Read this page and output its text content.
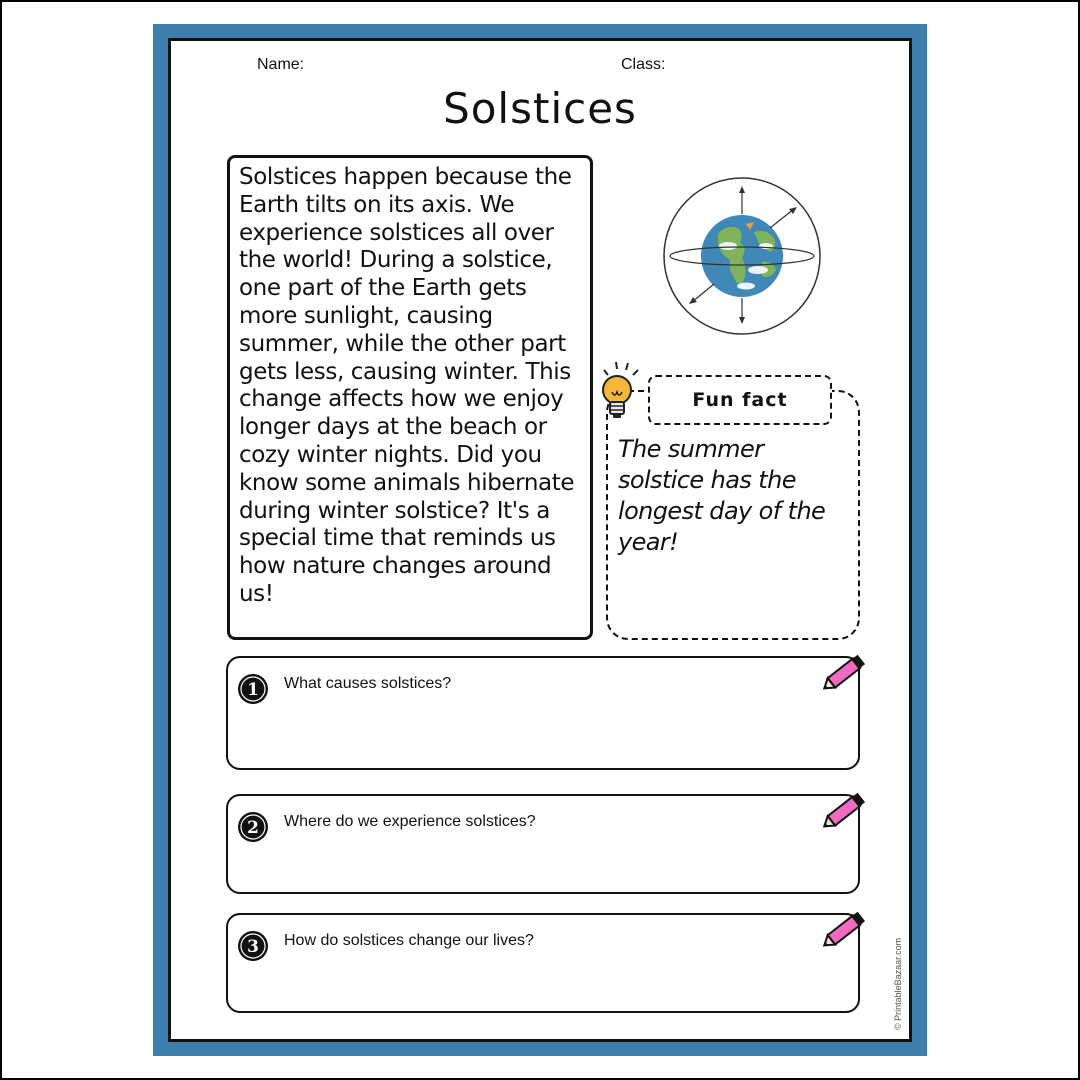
Name:	Class:
Solstices

Solstices happen because the Earth tilts on its axis. We experience solstices all over the world! During a solstice, one part of the Earth gets more sunlight, causing summer, while the other part gets less, causing winter. This change affects how we enjoy longer days at the beach or cozy winter nights. Did you know some animals hibernate during winter solstice? It's a special time that reminds us how nature changes around us!

Fun fact
The summer solstice has the longest day of the year!
1 What causes solstices?
2 Where do we experience solstices?
3 How do solstices change our lives?	© PrintableBazaar.com
